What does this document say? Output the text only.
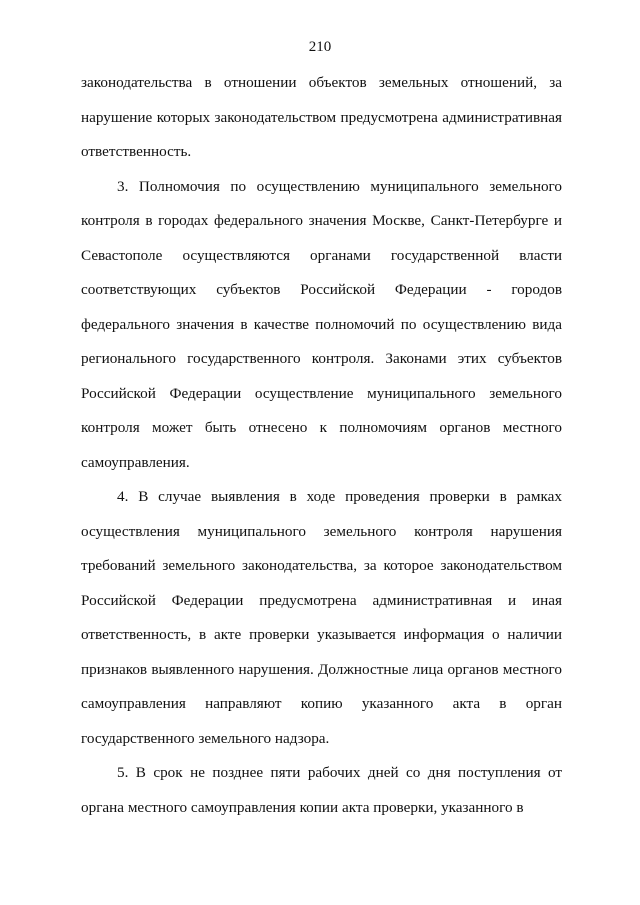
210

законодательства в отношении объектов земельных отношений, за нарушение которых законодательством предусмотрена административная ответственность.

3. Полномочия по осуществлению муниципального земельного контроля в городах федерального значения Москве, Санкт-Петербурге и Севастополе осуществляются органами государственной власти соответствующих субъектов Российской Федерации - городов федерального значения в качестве полномочий по осуществлению вида регионального государственного контроля. Законами этих субъектов Российской Федерации осуществление муниципального земельного контроля может быть отнесено к полномочиям органов местного самоуправления.

4. В случае выявления в ходе проведения проверки в рамках осуществления муниципального земельного контроля нарушения требований земельного законодательства, за которое законодательством Российской Федерации предусмотрена административная и иная ответственность, в акте проверки указывается информация о наличии признаков выявленного нарушения. Должностные лица органов местного самоуправления направляют копию указанного акта в орган государственного земельного надзора.

5. В срок не позднее пяти рабочих дней со дня поступления от органа местного самоуправления копии акта проверки, указанного в
